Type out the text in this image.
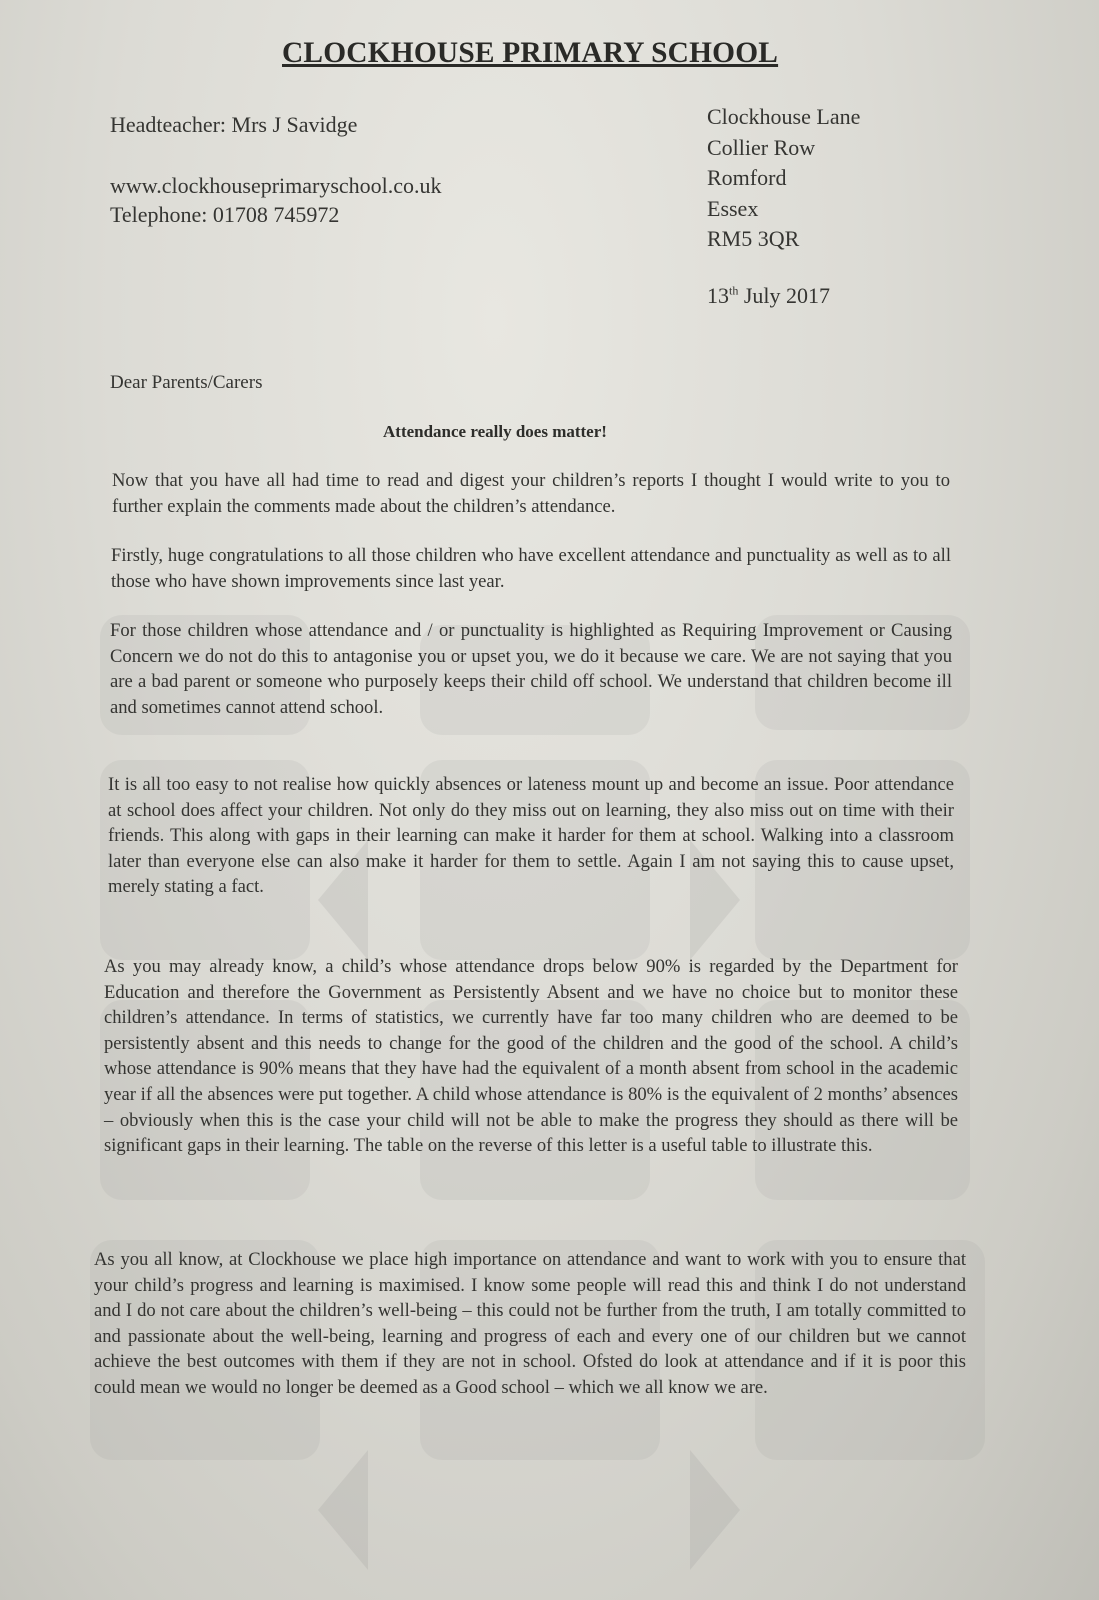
CLOCKHOUSE PRIMARY SCHOOL
Headteacher: Mrs J Savidge
www.clockhouseprimaryschool.co.uk
Telephone: 01708 745972
Clockhouse Lane
Collier Row
Romford
Essex
RM5 3QR
13th July 2017
Dear Parents/Carers
Attendance really does matter!
Now that you have all had time to read and digest your children’s reports I thought I would write to you to further explain the comments made about the children’s attendance.
Firstly, huge congratulations to all those children who have excellent attendance and punctuality as well as to all those who have shown improvements since last year.
For those children whose attendance and / or punctuality is highlighted as Requiring Improvement or Causing Concern we do not do this to antagonise you or upset you, we do it because we care. We are not saying that you are a bad parent or someone who purposely keeps their child off school. We understand that children become ill and sometimes cannot attend school.
It is all too easy to not realise how quickly absences or lateness mount up and become an issue. Poor attendance at school does affect your children. Not only do they miss out on learning, they also miss out on time with their friends. This along with gaps in their learning can make it harder for them at school. Walking into a classroom later than everyone else can also make it harder for them to settle. Again I am not saying this to cause upset, merely stating a fact.
As you may already know, a child’s whose attendance drops below 90% is regarded by the Department for Education and therefore the Government as Persistently Absent and we have no choice but to monitor these children’s attendance. In terms of statistics, we currently have far too many children who are deemed to be persistently absent and this needs to change for the good of the children and the good of the school. A child’s whose attendance is 90% means that they have had the equivalent of a month absent from school in the academic year if all the absences were put together. A child whose attendance is 80% is the equivalent of 2 months’ absences – obviously when this is the case your child will not be able to make the progress they should as there will be significant gaps in their learning. The table on the reverse of this letter is a useful table to illustrate this.
As you all know, at Clockhouse we place high importance on attendance and want to work with you to ensure that your child’s progress and learning is maximised. I know some people will read this and think I do not understand and I do not care about the children’s well-being – this could not be further from the truth, I am totally committed to and passionate about the well-being, learning and progress of each and every one of our children but we cannot achieve the best outcomes with them if they are not in school. Ofsted do look at attendance and if it is poor this could mean we would no longer be deemed as a Good school – which we all know we are.
